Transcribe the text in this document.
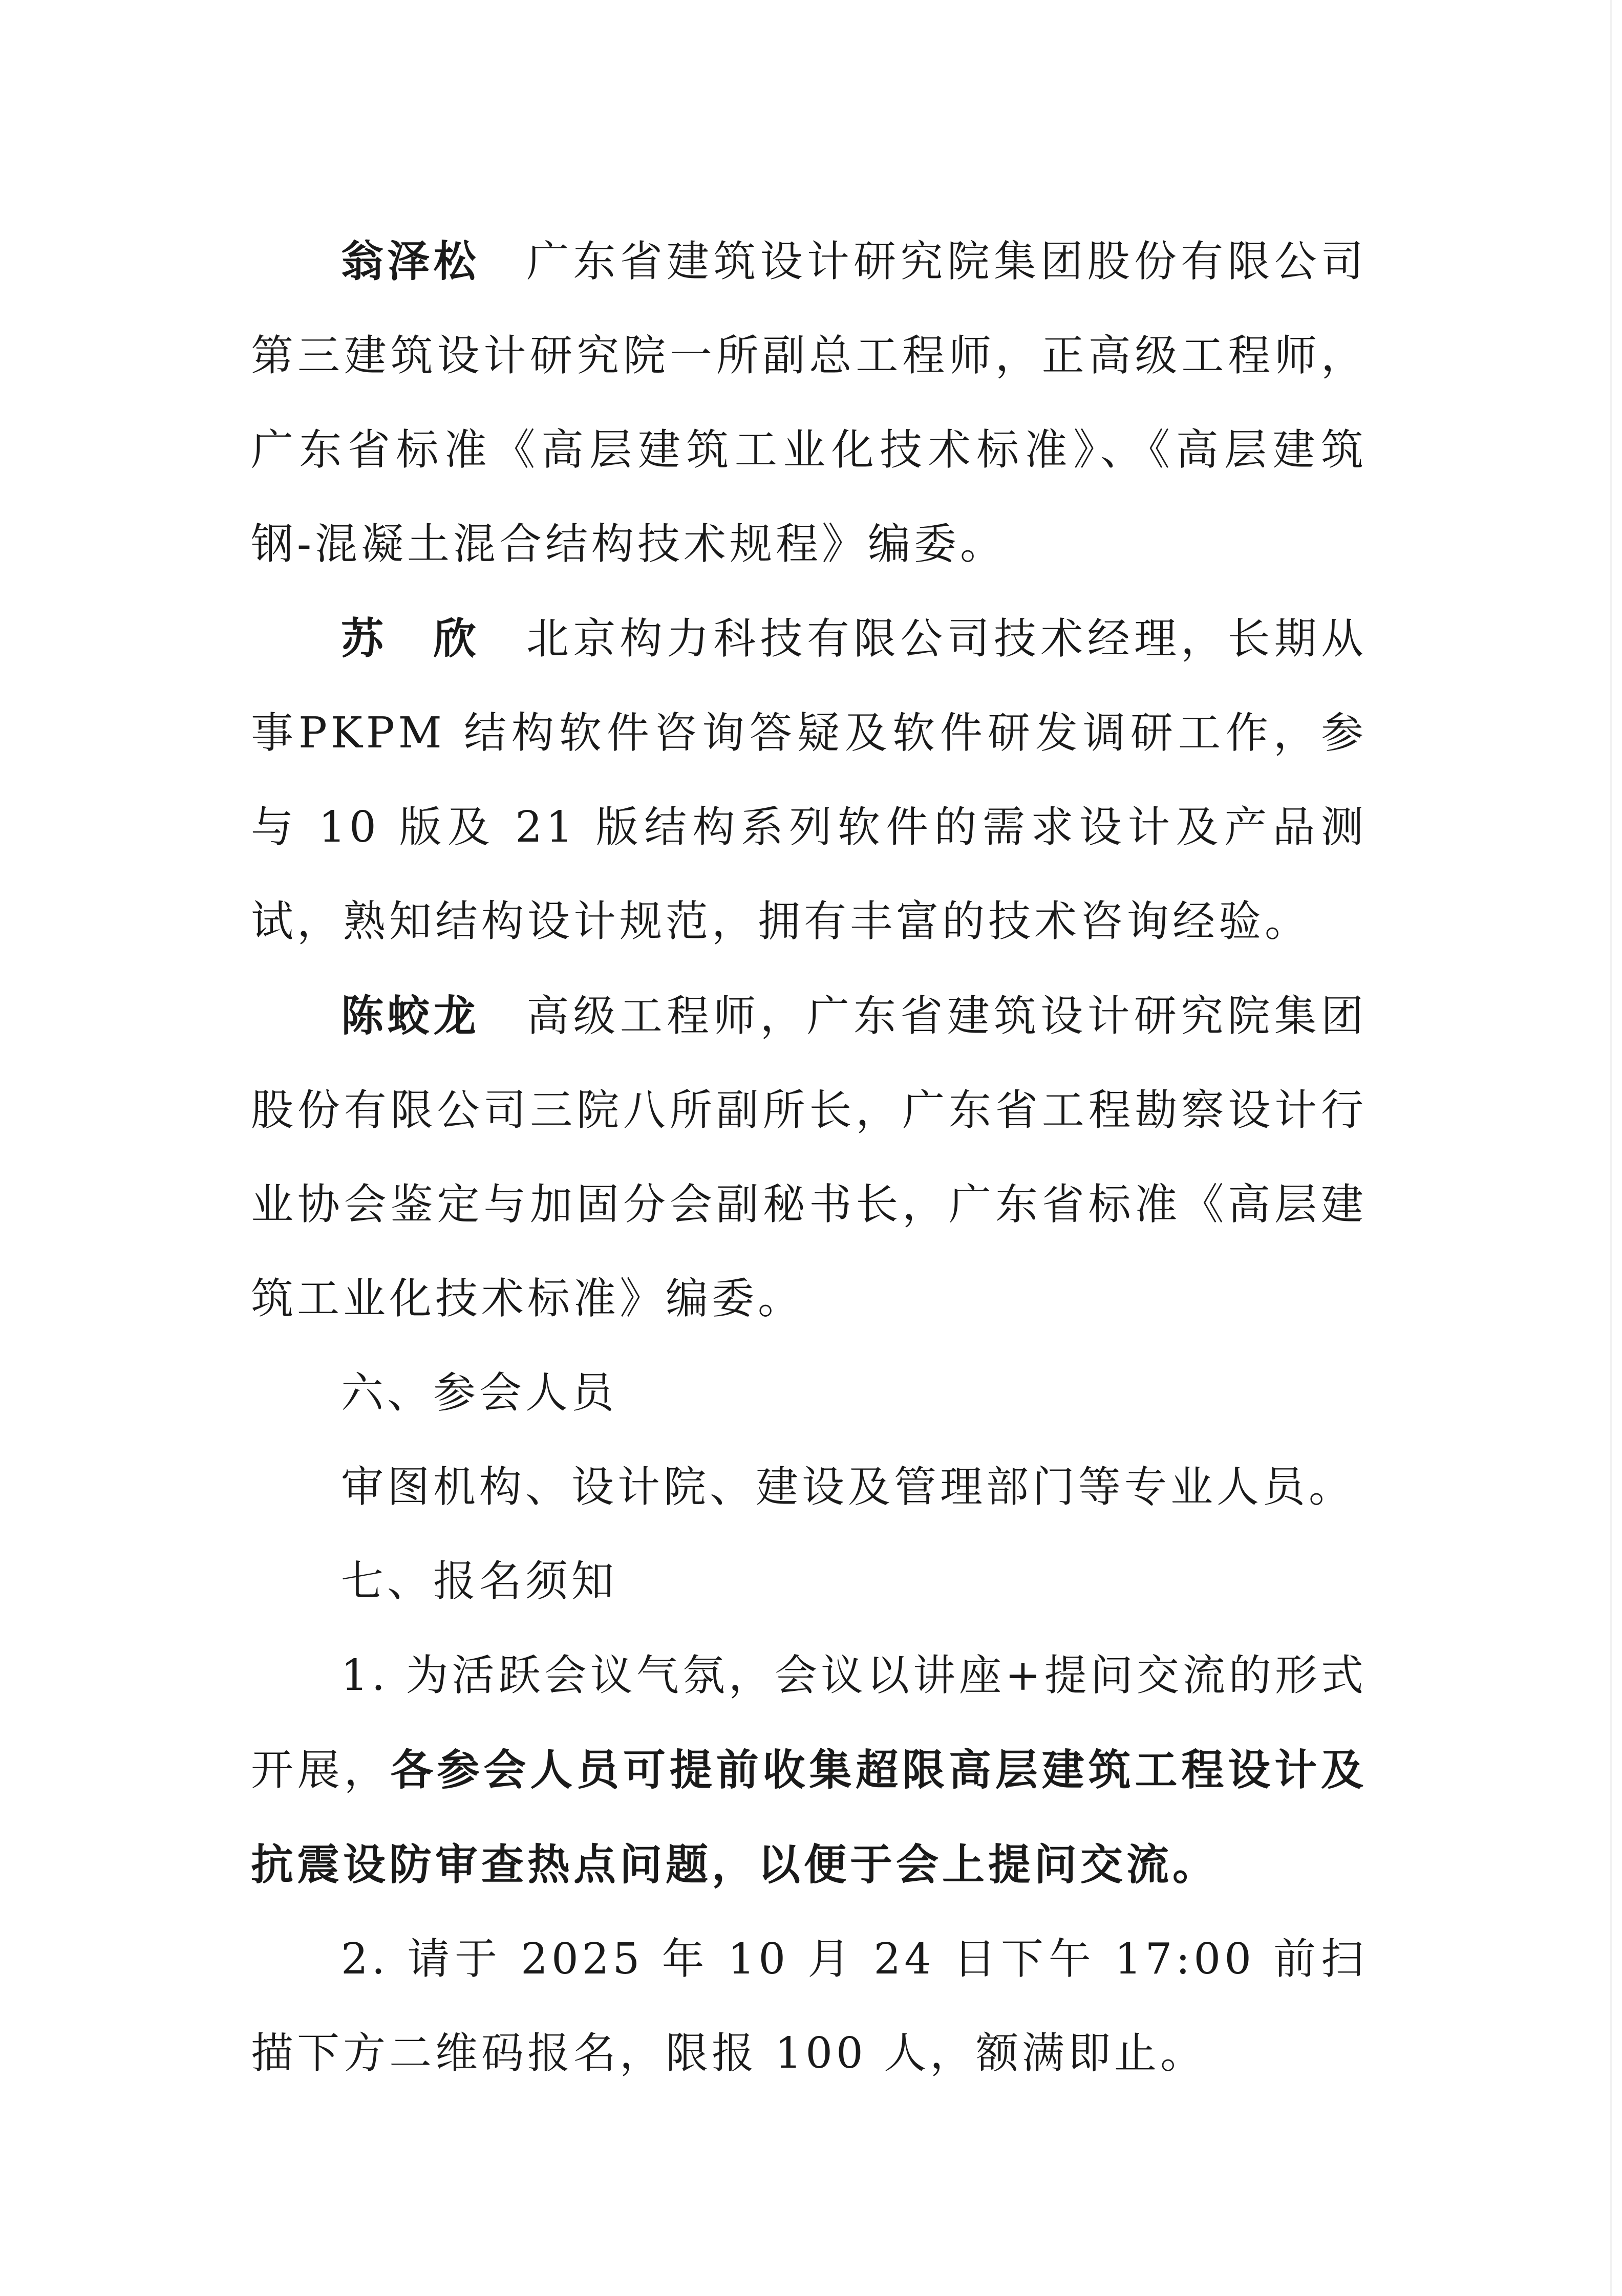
翁泽松 广东省建筑设计研究院集团股份有限公司第三建筑设计研究院一所副总工程师，正高级工程师，广东省标准《高层建筑工业化技术标准》、《高层建筑钢-混凝土混合结构技术规程》编委。

苏　欣 北京构力科技有限公司技术经理，长期从事PKPM 结构软件咨询答疑及软件研发调研工作，参与 10 版及 21 版结构系列软件的需求设计及产品测试，熟知结构设计规范，拥有丰富的技术咨询经验。

陈蛟龙 高级工程师，广东省建筑设计研究院集团股份有限公司三院八所副所长，广东省工程勘察设计行业协会鉴定与加固分会副秘书长，广东省标准《高层建筑工业化技术标准》编委。

六、参会人员

审图机构、设计院、建设及管理部门等专业人员。

七、报名须知

1. 为活跃会议气氛，会议以讲座+提问交流的形式开展，各参会人员可提前收集超限高层建筑工程设计及抗震设防审查热点问题，以便于会上提问交流。

2. 请于 2025 年 10 月 24 日下午 17:00 前扫描下方二维码报名，限报 100 人，额满即止。
